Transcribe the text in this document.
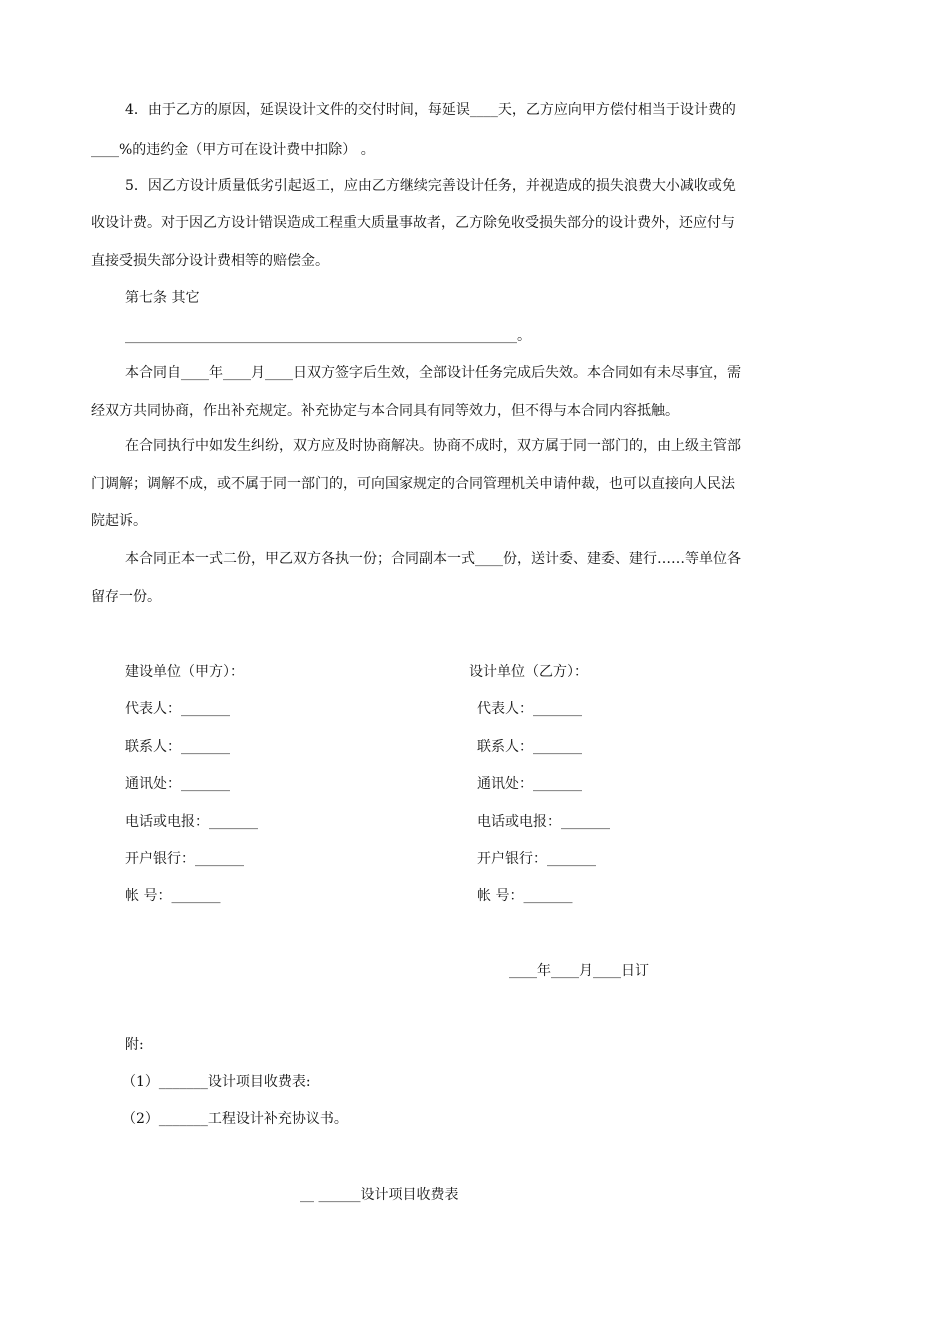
4．由于乙方的原因，延误设计文件的交付时间，每延误____天，乙方应向甲方偿付相当于设计费的
____%的违约金（甲方可在设计费中扣除） 。
5．因乙方设计质量低劣引起返工，应由乙方继续完善设计任务，并视造成的损失浪费大小减收或免
收设计费。对于因乙方设计错误造成工程重大质量事故者，乙方除免收受损失部分的设计费外，还应付与
直接受损失部分设计费相等的赔偿金。
第七条 其它
________________________________________________________。
本合同自____年____月____日双方签字后生效，全部设计任务完成后失效。本合同如有未尽事宜，需
经双方共同协商，作出补充规定。补充协定与本合同具有同等效力，但不得与本合同内容抵触。
在合同执行中如发生纠纷，双方应及时协商解决。协商不成时，双方属于同一部门的，由上级主管部
门调解；调解不成，或不属于同一部门的，可向国家规定的合同管理机关申请仲裁，也可以直接向人民法
院起诉。
本合同正本一式二份，甲乙双方各执一份；合同副本一式____份，送计委、建委、建行……等单位各
留存一份。
建设单位（甲方）：
代表人：_______
联系人：_______
通讯处：_______
电话或电报：_______
开户银行：_______
帐 号：_______
设计单位（乙方）：
代表人：_______
联系人：_______
通讯处：_______
电话或电报：_______
开户银行：_______
帐 号：_______
____年____月____日订
附:
（1）_______设计项目收费表:
（2）_______工程设计补充协议书。
__ ______设计项目收费表
